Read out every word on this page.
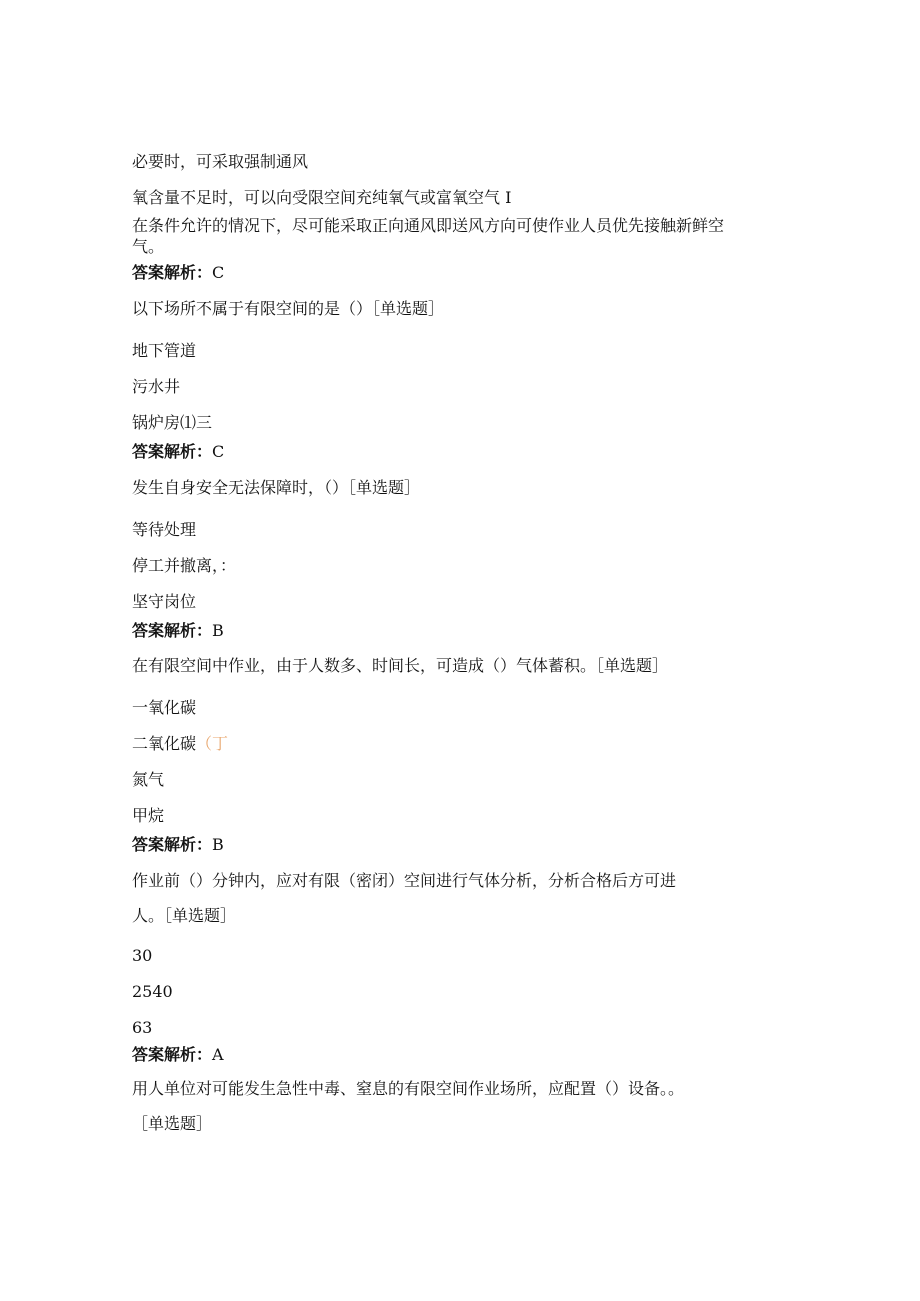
必要时，可采取强制通风
氧含量不足时，可以向受限空间充纯氧气或富氧空气 I
在条件允许的情况下，尽可能采取正向通风即送风方向可使作业人员优先接触新鲜空
气。
答案解析：C
以下场所不属于有限空间的是（）［单选题］
地下管道
污水井
锅炉房⑴三
答案解析：C
发生自身安全无法保障时，（）［单选题］
等待处理
停工并撤离，：
坚守岗位
答案解析：B
在有限空间中作业，由于人数多、时间长，可造成（）气体蓄积。［单选题］
一氧化碳
二氧化碳（丁
氮气
甲烷
答案解析：B
作业前（）分钟内，应对有限（密闭）空间进行气体分析，分析合格后方可进
人。［单选题］
30
2540
63
答案解析：A
用人单位对可能发生急性中毒、窒息的有限空间作业场所，应配置（）设备。。
［单选题］
